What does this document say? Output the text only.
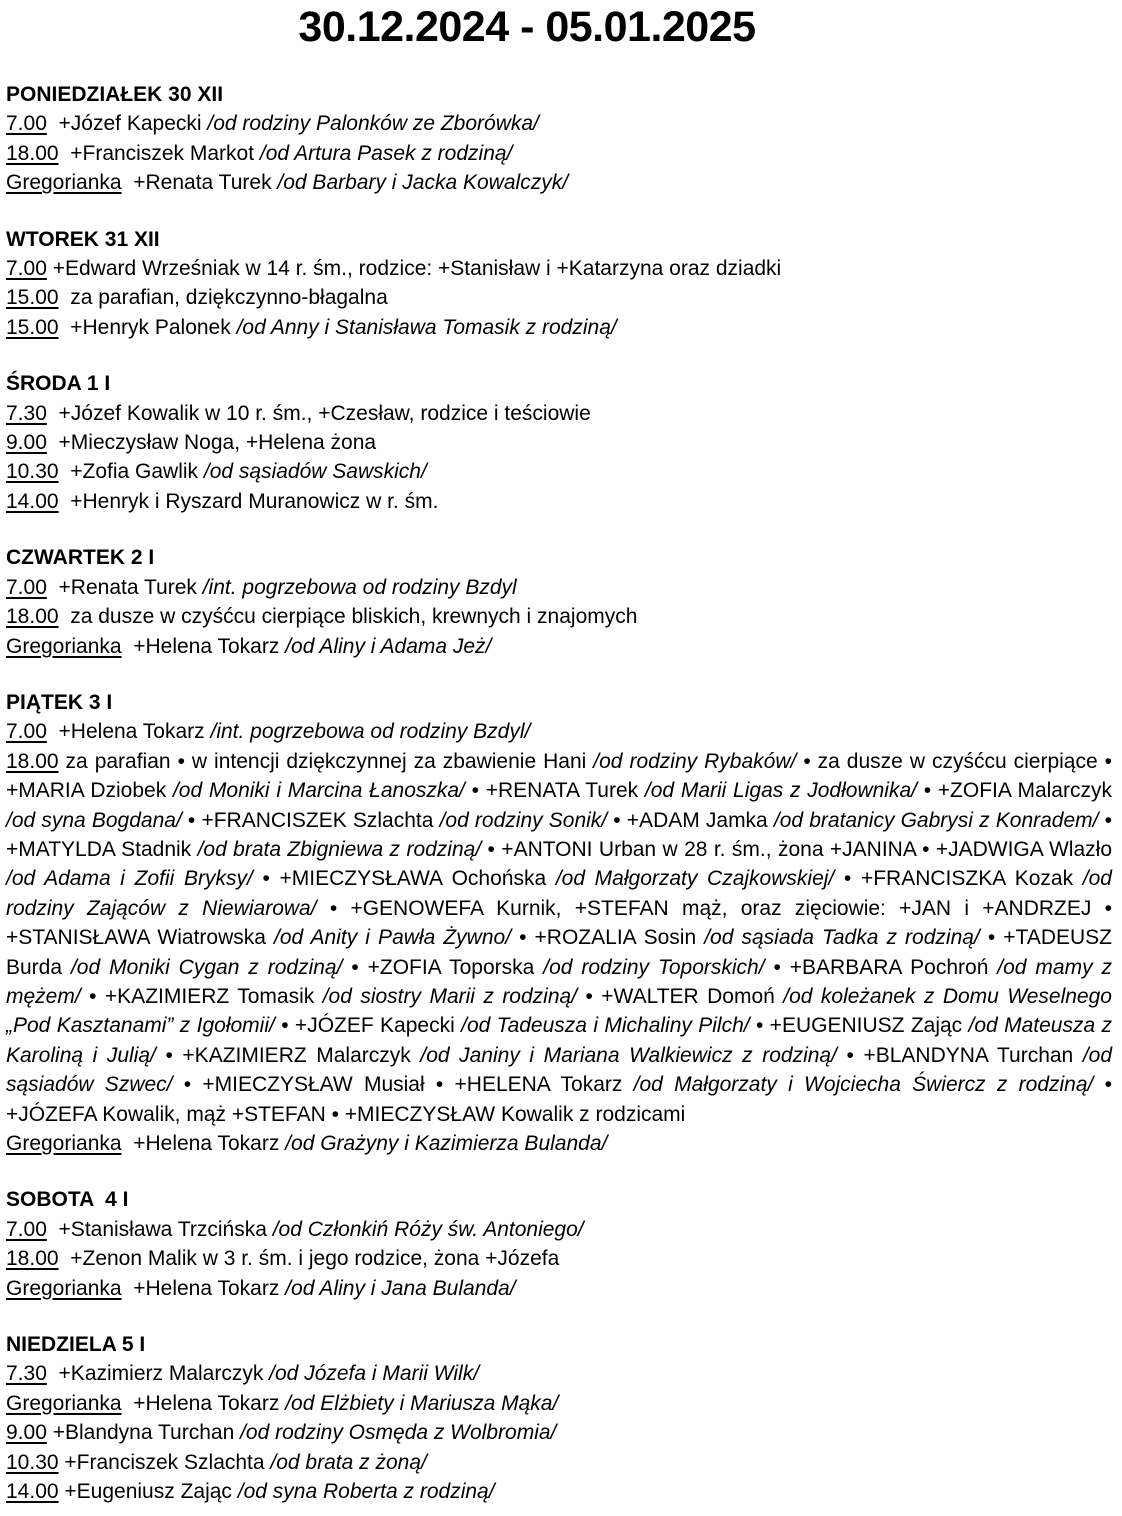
30.12.2024 - 05.01.2025
PONIEDZIAŁEK 30 XII

7.00  +Józef Kapecki /od rodziny Palonków ze Zborówka/

18.00  +Franciszek Markot /od Artura Pasek z rodziną/

Gregorianka  +Renata Turek /od Barbary i Jacka Kowalczyk/

WTOREK 31 XII

7.00 +Edward Wrześniak w 14 r. śm., rodzice: +Stanisław i +Katarzyna oraz dziadki

15.00  za parafian, dziękczynno-błagalna

15.00  +Henryk Palonek /od Anny i Stanisława Tomasik z rodziną/

ŚRODA 1 I

7.30  +Józef Kowalik w 10 r. śm., +Czesław, rodzice i teściowie

9.00  +Mieczysław Noga, +Helena żona

10.30  +Zofia Gawlik /od sąsiadów Sawskich/

14.00  +Henryk i Ryszard Muranowicz w r. śm.

CZWARTEK 2 I

7.00  +Renata Turek /int. pogrzebowa od rodziny Bzdyl

18.00  za dusze w czyśćcu cierpiące bliskich, krewnych i znajomych

Gregorianka  +Helena Tokarz /od Aliny i Adama Jeż/

PIĄTEK 3 I

7.00  +Helena Tokarz /int. pogrzebowa od rodziny Bzdyl/

18.00 za parafian • w intencji dziękczynnej za zbawienie Hani /od rodziny Rybaków/ • za dusze w czyśćcu cierpiące • +MARIA Dziobek /od Moniki i Marcina Łanoszka/ • +RENATA Turek /od Marii Ligas z Jodłownika/ • +ZOFIA Malarczyk /od syna Bogdana/ • +FRANCISZEK Szlachta /od rodziny Sonik/ • +ADAM Jamka /od bratanicy Gabrysi z Konradem/ • +MATYLDA Stadnik /od brata Zbigniewa z rodziną/ • +ANTONI Urban w 28 r. śm., żona +JANINA • +JADWIGA Wlazło /od Adama i Zofii Bryksy/ • +MIECZYSŁAWA Ochońska /od Małgorzaty Czajkowskiej/ • +FRANCISZKA Kozak /od rodziny Zająców z Niewiarowa/ • +GENOWEFA Kurnik, +STEFAN mąż, oraz zięciowie: +JAN i +ANDRZEJ • +STANISŁAWA Wiatrowska /od Anity i Pawła Żywno/ • +ROZALIA Sosin /od sąsiada Tadka z rodziną/ • +TADEUSZ Burda /od Moniki Cygan z rodziną/ • +ZOFIA Toporska /od rodziny Toporskich/ • +BARBARA Pochroń /od mamy z mężem/ • +KAZIMIERZ Tomasik /od siostry Marii z rodziną/ • +WALTER Domoń /od koleżanek z Domu Weselnego „Pod Kasztanami” z Igołomii/ • +JÓZEF Kapecki /od Tadeusza i Michaliny Pilch/ • +EUGENIUSZ Zając /od Mateusza z Karoliną i Julią/ • +KAZIMIERZ Malarczyk /od Janiny i Mariana Walkiewicz z rodziną/ • +BLANDYNA Turchan /od sąsiadów Szwec/ • +MIECZYSŁAW Musiał • +HELENA Tokarz /od Małgorzaty i Wojciecha Świercz z rodziną/ • +JÓZEFA Kowalik, mąż +STEFAN • +MIECZYSŁAW Kowalik z rodzicami

Gregorianka  +Helena Tokarz /od Grażyny i Kazimierza Bulanda/

SOBOTA  4 I

7.00  +Stanisława Trzcińska /od Członkiń Róży św. Antoniego/

18.00  +Zenon Malik w 3 r. śm. i jego rodzice, żona +Józefa

Gregorianka  +Helena Tokarz /od Aliny i Jana Bulanda/

NIEDZIELA 5 I

7.30  +Kazimierz Malarczyk /od Józefa i Marii Wilk/

Gregorianka  +Helena Tokarz /od Elżbiety i Mariusza Mąka/

9.00 +Blandyna Turchan /od rodziny Osmęda z Wolbromia/

10.30 +Franciszek Szlachta /od brata z żoną/

14.00 +Eugeniusz Zając /od syna Roberta z rodziną/
